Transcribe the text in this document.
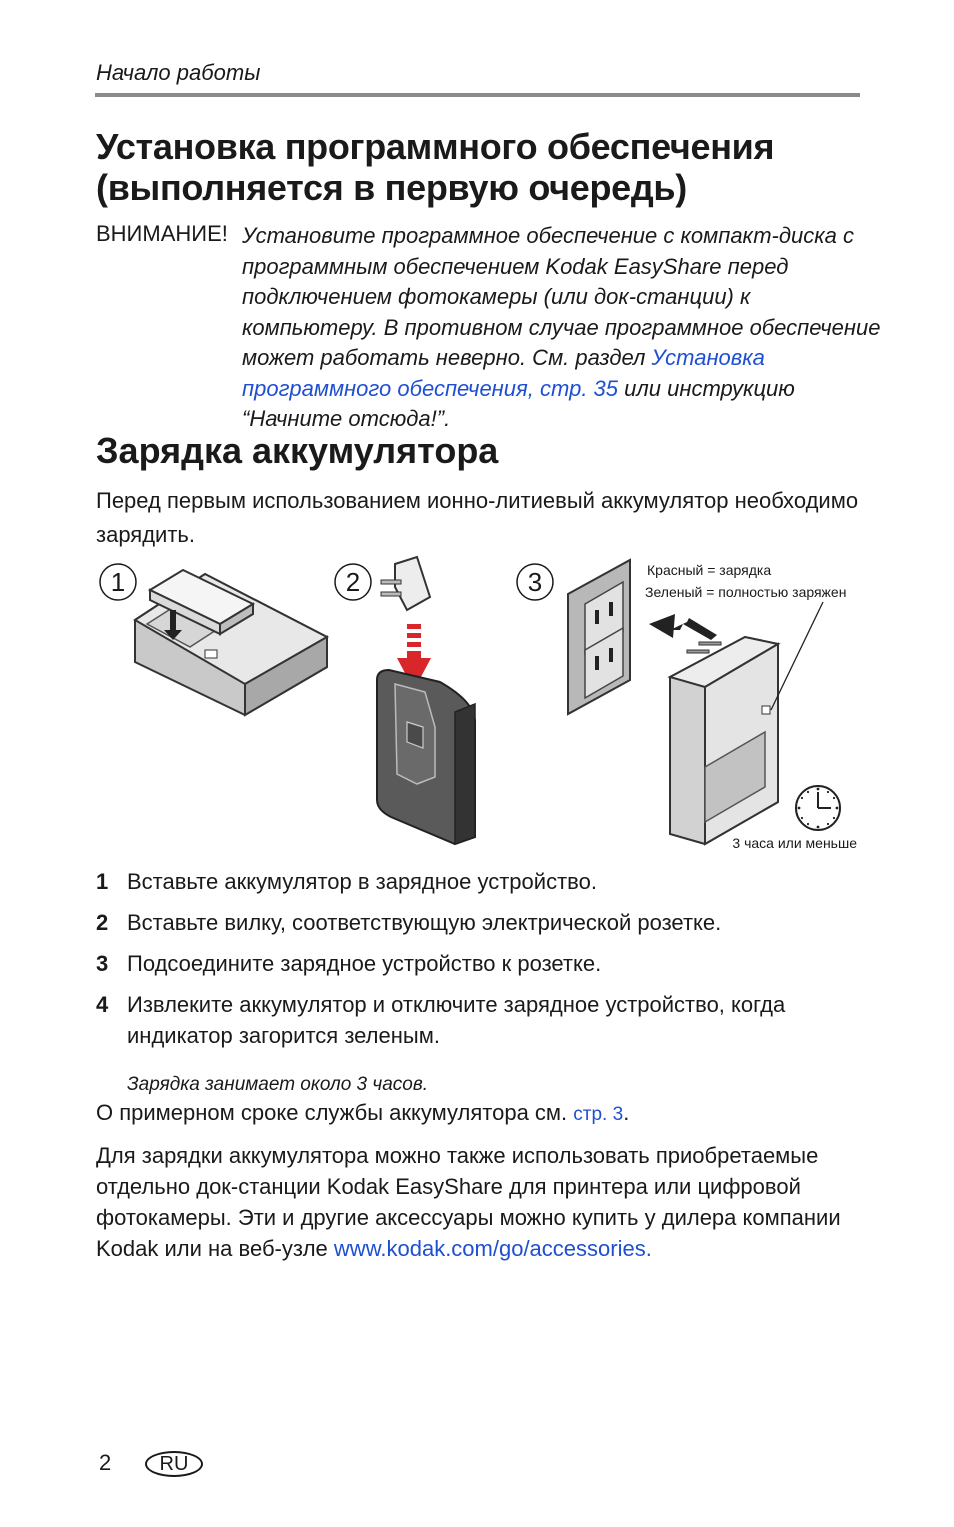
Начало работы
Установка программного обеспечения
(выполняется в первую очередь)
ВНИМАНИЕ! Установите программное обеспечение с компакт-диска с программным обеспечением Kodak EasyShare перед подключением фотокамеры (или док-станции) к компьютеру. В противном случае программное обеспечение может работать неверно. См. раздел Установка программного обеспечения, стр. 35 или инструкцию “Начните отсюда!”.
Зарядка аккумулятора
Перед первым использованием ионно-литиевый аккумулятор необходимо зарядить.
1	2	3	Красный = зарядка
Зеленый = полностью заряжен
3 часа или меньше
1 Вставьте аккумулятор в зарядное устройство.
2 Вставьте вилку, соответствующую электрической розетке.
3 Подсоедините зарядное устройство к розетке.
4 Извлеките аккумулятор и отключите зарядное устройство, когда индикатор загорится зеленым.
Зарядка занимает около 3 часов.
О примерном сроке службы аккумулятора см. стр. 3.
Для зарядки аккумулятора можно также использовать приобретаемые отдельно док-станции Kodak EasyShare для принтера или цифровой фотокамеры. Эти и другие аксессуары можно купить у дилера компании Kodak или на веб-узле www.kodak.com/go/accessories.
2	RU
